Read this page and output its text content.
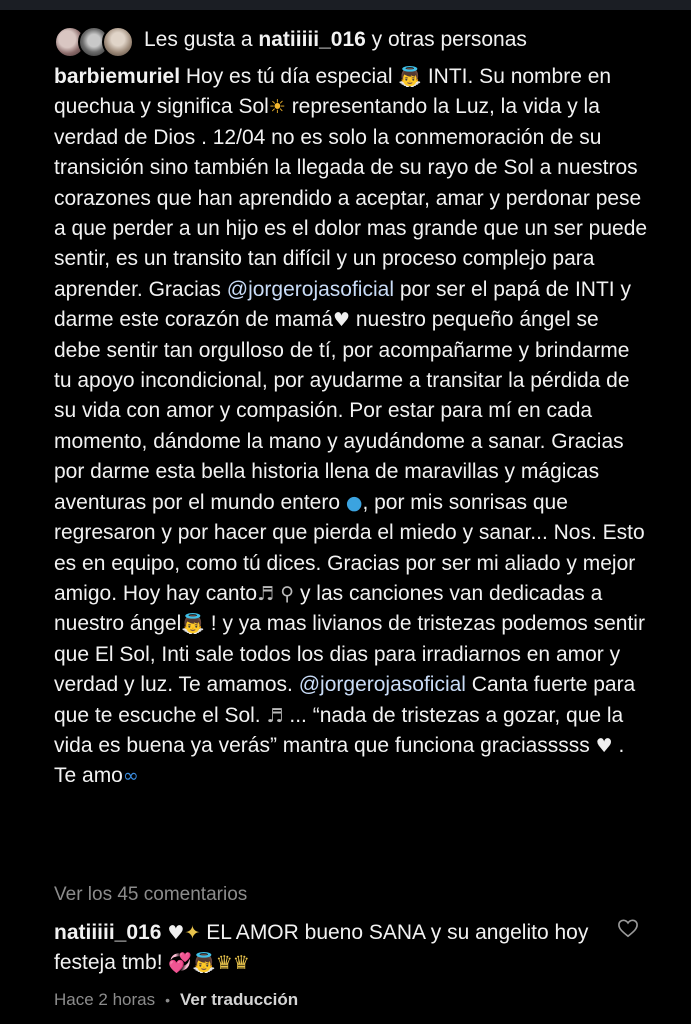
Les gusta a natiiiii_016 y otras personas
barbiemuriel Hoy es tú día especial 👼 INTI. Su nombre en quechua y significa Sol☀ representando la Luz, la vida y la verdad de Dios . 12/04 no es solo la conmemoración de su transición sino también la llegada de su rayo de Sol a nuestros corazones que han aprendido a aceptar, amar y perdonar pese a que perder a un hijo es el dolor mas grande que un ser puede sentir, es un transito tan difícil y un proceso complejo para aprender. Gracias @jorgerojasoficial por ser el papá de INTI y darme este corazón de mamá♥ nuestro pequeño ángel se debe sentir tan orgulloso de tí, por acompañarme y brindarme tu apoyo incondicional, por ayudarme a transitar la pérdida de su vida con amor y compasión. Por estar para mí en cada momento, dándome la mano y ayudándome a sanar. Gracias por darme esta bella historia llena de maravillas y mágicas aventuras por el mundo entero ●, por mis sonrisas que regresaron y por hacer que pierda el miedo y sanar... Nos. Esto es en equipo, como tú dices. Gracias por ser mi aliado y mejor amigo. Hoy hay canto♬ ⚲ y las canciones van dedicadas a nuestro ángel👼 ! y ya mas livianos de tristezas podemos sentir que El Sol, Inti sale todos los dias para irradiarnos en amor y verdad y luz. Te amamos. @jorgerojasoficial Canta fuerte para que te escuche el Sol. ♬ ... “nada de tristezas a gozar, que la vida es buena ya verás” mantra que funciona graciasssss ♥ . Te amo∞
Ver los 45 comentarios
natiiiii_016 ♥✦ EL AMOR bueno SANA y su angelito hoy festeja tmb! 💞👼♛♛
Hace 2 horas • Ver traducción
